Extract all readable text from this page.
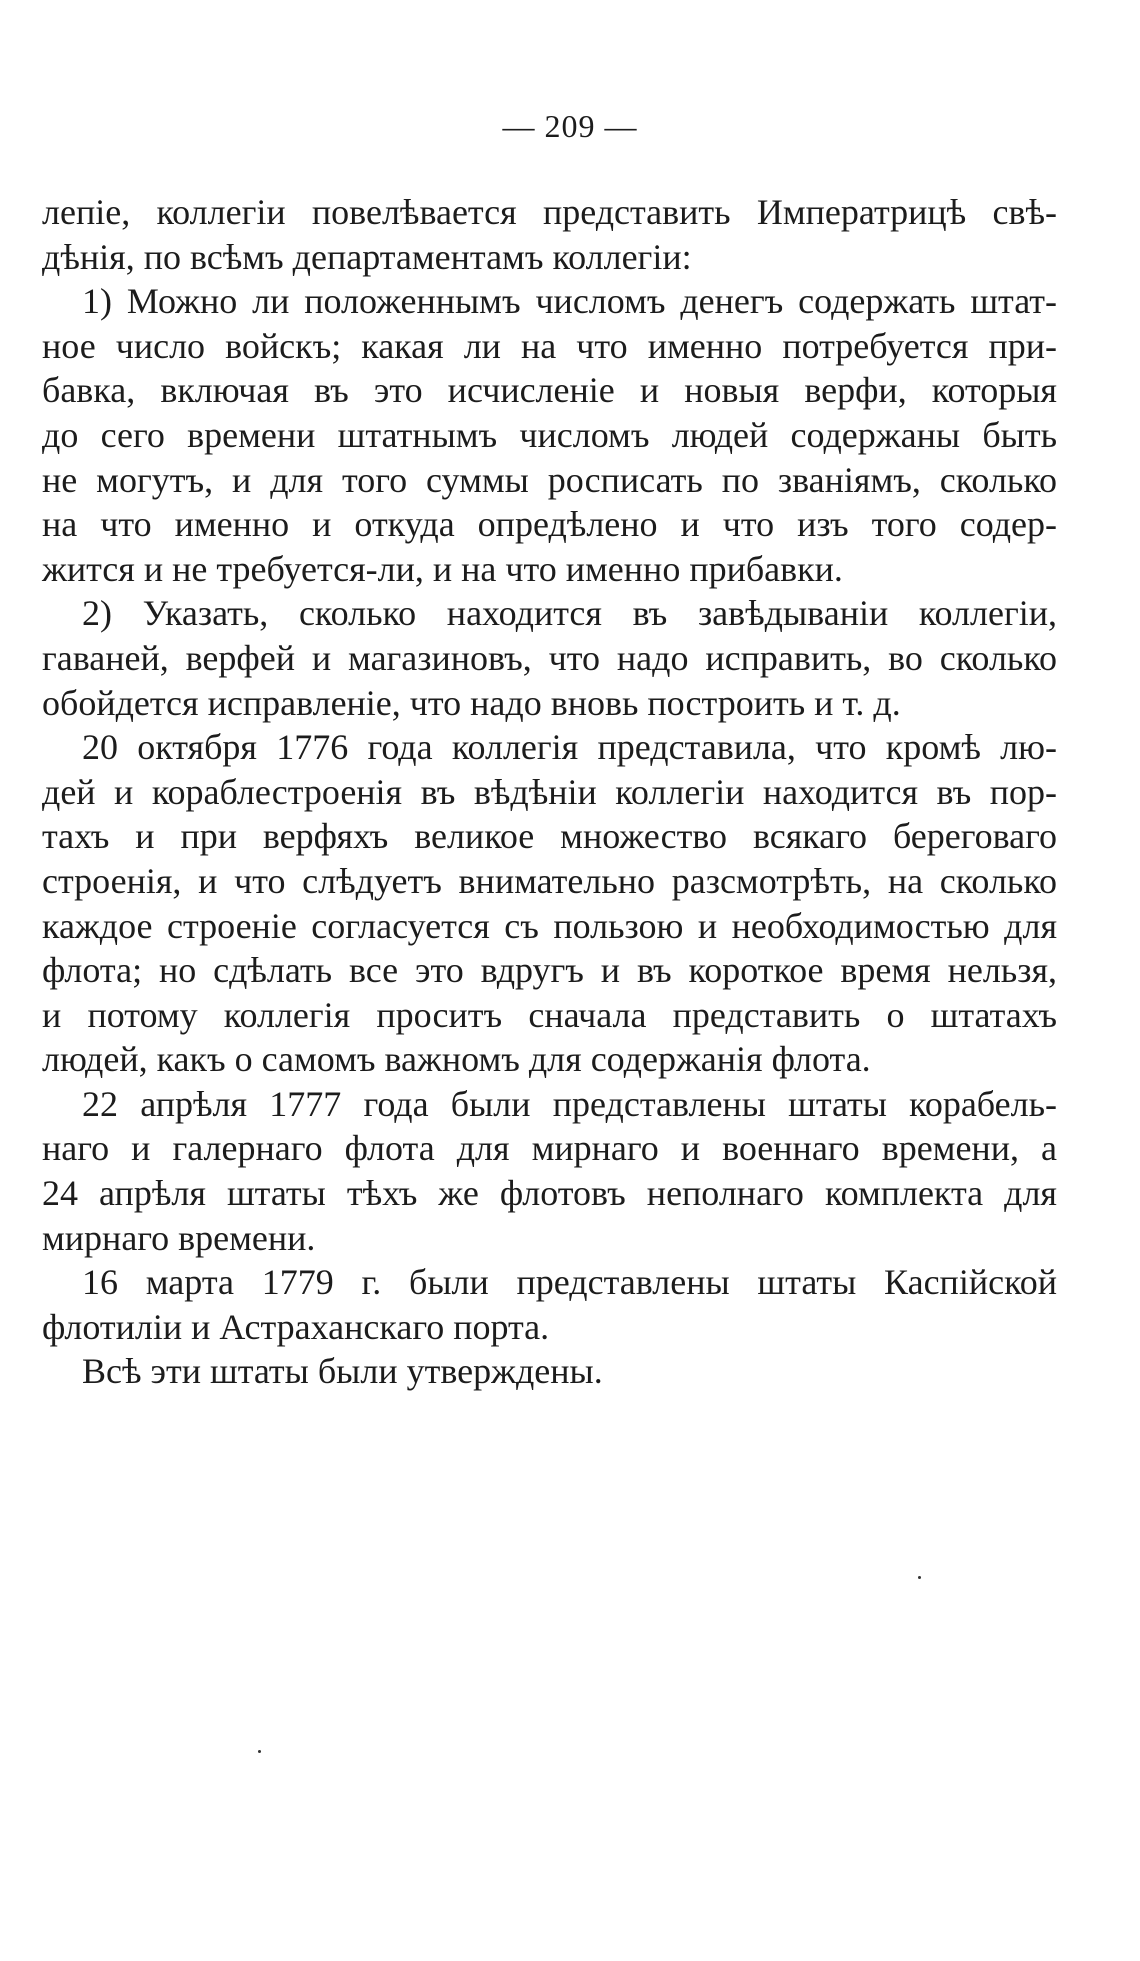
— 209 —
лепіе, коллегіи повелѣвается представить Императрицѣ свѣ-
дѣнія, по всѣмъ департаментамъ коллегіи:
1) Можно ли положеннымъ числомъ денегъ содержать штат-
ное число войскъ; какая ли на что именно потребуется при-
бавка, включая въ это исчисленіе и новыя верфи, которыя
до сего времени штатнымъ числомъ людей содержаны быть
не могутъ, и для того суммы росписать по званіямъ, сколько
на что именно и откуда опредѣлено и что изъ того содер-
жится и не требуется-ли, и на что именно прибавки.
2) Указать, сколько находится въ завѣдываніи коллегіи,
гаваней, верфей и магазиновъ, что надо исправить, во сколько
обойдется исправленіе, что надо вновь построить и т. д.
20 октября 1776 года коллегія представила, что кромѣ лю-
дей и кораблестроенія въ вѣдѣніи коллегіи находится въ пор-
тахъ и при верфяхъ великое множество всякаго береговаго
строенія, и что слѣдуетъ внимательно разсмотрѣть, на сколько
каждое строеніе согласуется съ пользою и необходимостью для
флота; но сдѣлать все это вдругъ и въ короткое время нельзя,
и потому коллегія проситъ сначала представить о штатахъ
людей, какъ о самомъ важномъ для содержанія флота.
22 апрѣля 1777 года были представлены штаты корабель-
наго и галернаго флота для мирнаго и военнаго времени, а
24 апрѣля штаты тѣхъ же флотовъ неполнаго комплекта для
мирнаго времени.
16 марта 1779 г. были представлены штаты Каспійской
флотиліи и Астраханскаго порта.
Всѣ эти штаты были утверждены.
